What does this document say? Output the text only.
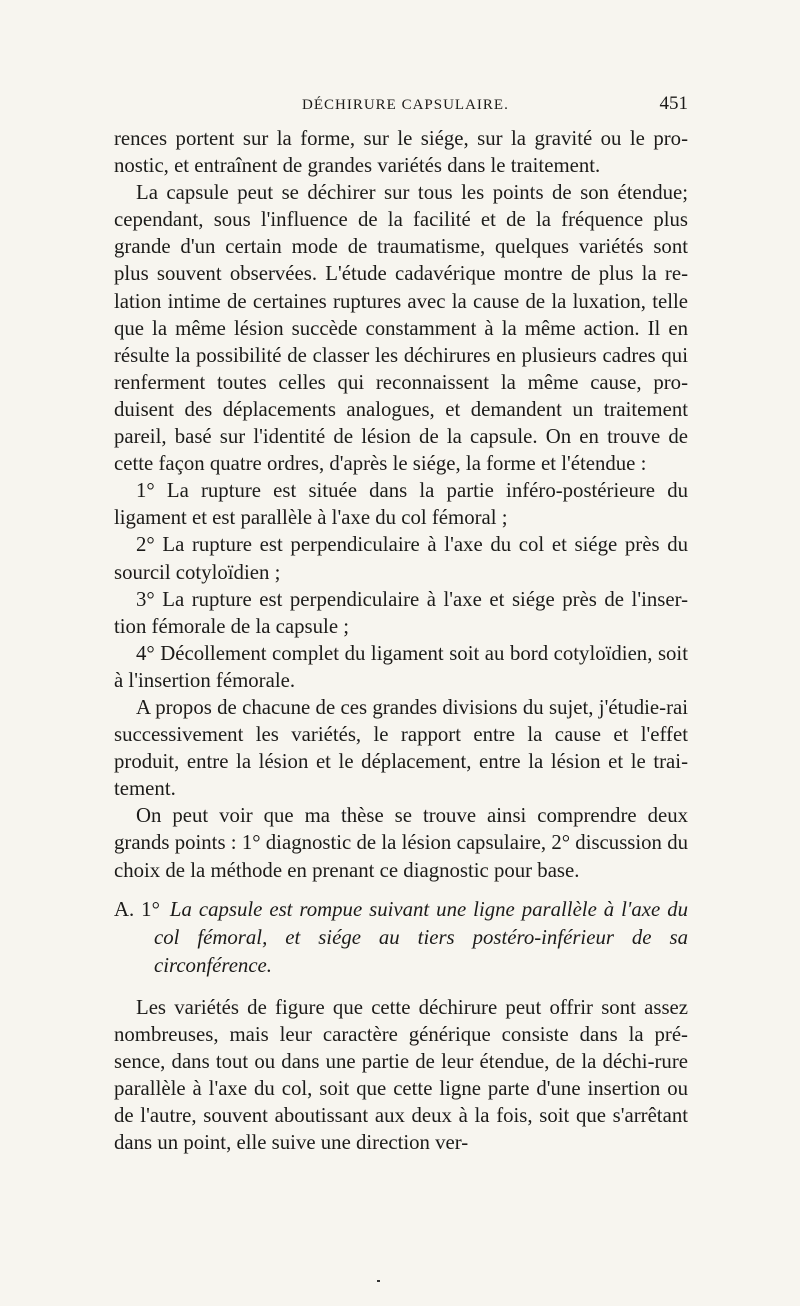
DÉCHIRURE CAPSULAIRE.	451

rences portent sur la forme, sur le siége, sur la gravité ou le pro-nostic, et entraînent de grandes variétés dans le traitement.

La capsule peut se déchirer sur tous les points de son étendue; cependant, sous l'influence de la facilité et de la fréquence plus grande d'un certain mode de traumatisme, quelques variétés sont plus souvent observées. L'étude cadavérique montre de plus la re-lation intime de certaines ruptures avec la cause de la luxation, telle que la même lésion succède constamment à la même action. Il en résulte la possibilité de classer les déchirures en plusieurs cadres qui renferment toutes celles qui reconnaissent la même cause, pro-duisent des déplacements analogues, et demandent un traitement pareil, basé sur l'identité de lésion de la capsule. On en trouve de cette façon quatre ordres, d'après le siége, la forme et l'étendue :

1° La rupture est située dans la partie inféro-postérieure du ligament et est parallèle à l'axe du col fémoral ;

2° La rupture est perpendiculaire à l'axe du col et siége près du sourcil cotyloïdien ;

3° La rupture est perpendiculaire à l'axe et siége près de l'inser-tion fémorale de la capsule ;

4° Décollement complet du ligament soit au bord cotyloïdien, soit à l'insertion fémorale.

A propos de chacune de ces grandes divisions du sujet, j'étudie-rai successivement les variétés, le rapport entre la cause et l'effet produit, entre la lésion et le déplacement, entre la lésion et le trai-tement.

On peut voir que ma thèse se trouve ainsi comprendre deux grands points : 1° diagnostic de la lésion capsulaire, 2° discussion du choix de la méthode en prenant ce diagnostic pour base.

A. 1° La capsule est rompue suivant une ligne parallèle à l'axe du col fémoral, et siége au tiers postéro-inférieur de sa circonférence.

Les variétés de figure que cette déchirure peut offrir sont assez nombreuses, mais leur caractère générique consiste dans la pré-sence, dans tout ou dans une partie de leur étendue, de la déchi-rure parallèle à l'axe du col, soit que cette ligne parte d'une insertion ou de l'autre, souvent aboutissant aux deux à la fois, soit que s'arrêtant dans un point, elle suive une direction ver-
